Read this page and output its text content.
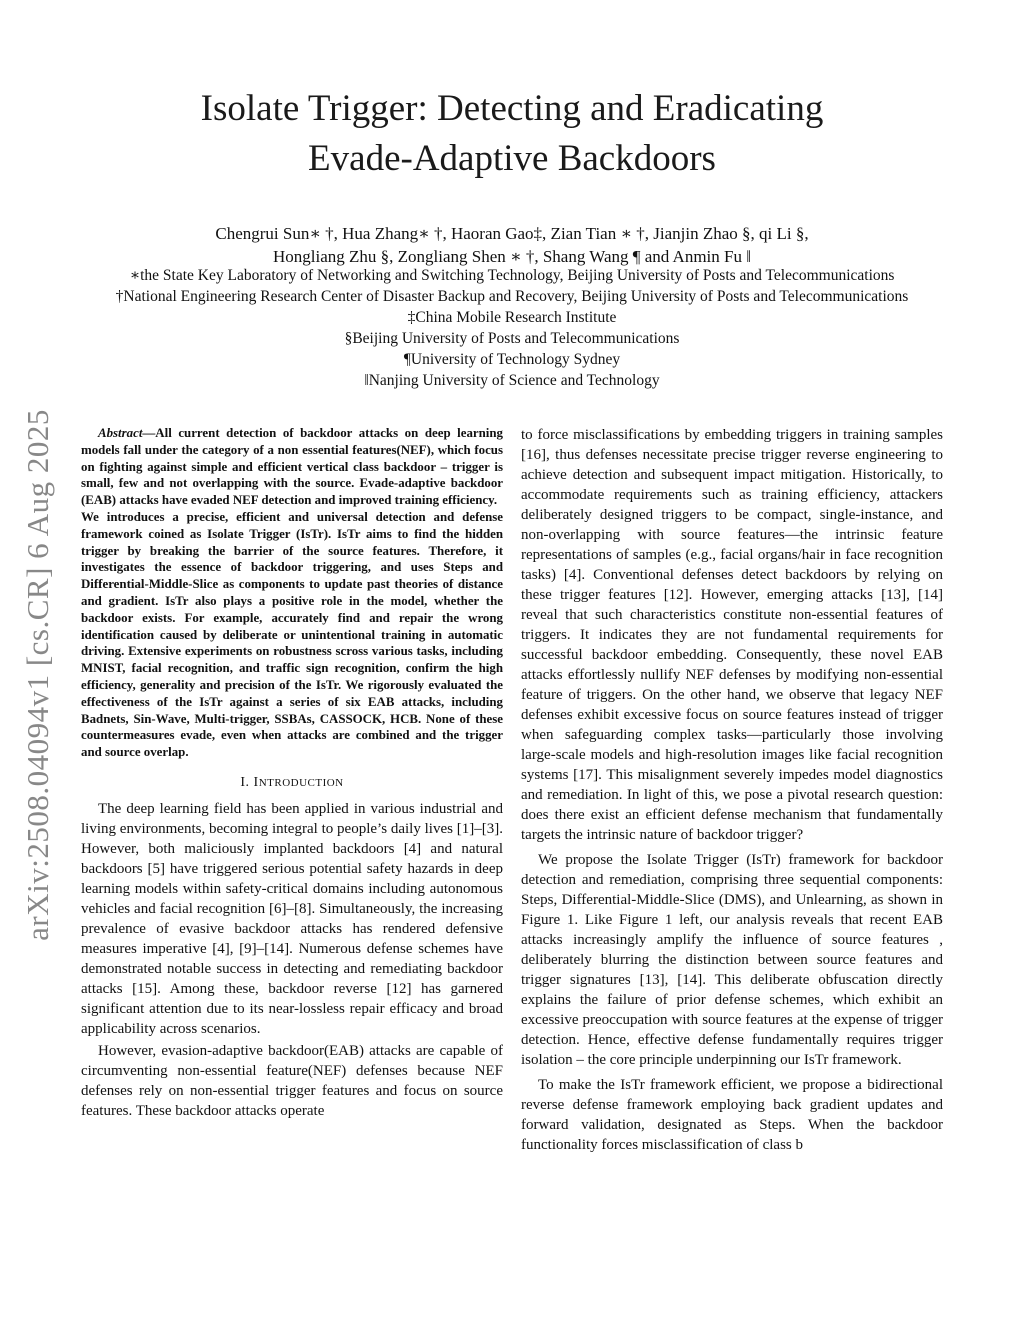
arXiv:2508.04094v1 [cs.CR] 6 Aug 2025
Isolate Trigger: Detecting and Eradicating
Evade-Adaptive Backdoors
Chengrui Sun∗ †, Hua Zhang∗ †, Haoran Gao‡, Zian Tian ∗ †, Jianjin Zhao §, qi Li §,
Hongliang Zhu §, Zongliang Shen ∗ †, Shang Wang ¶ and Anmin Fu ‖
∗the State Key Laboratory of Networking and Switching Technology, Beijing University of Posts and Telecommunications
†National Engineering Research Center of Disaster Backup and Recovery, Beijing University of Posts and Telecommunications
‡China Mobile Research Institute
§Beijing University of Posts and Telecommunications
¶University of Technology Sydney
‖Nanjing University of Science and Technology

Abstract—All current detection of backdoor attacks on deep learning models fall under the category of a non essential features(NEF), which focus on fighting against simple and efficient vertical class backdoor – trigger is small, few and not overlapping with the source. Evade-adaptive backdoor (EAB) attacks have evaded NEF detection and improved training efficiency.

We introduces a precise, efficient and universal detection and defense framework coined as Isolate Trigger (IsTr). IsTr aims to find the hidden trigger by breaking the barrier of the source features. Therefore, it investigates the essence of backdoor triggering, and uses Steps and Differential-Middle-Slice as components to update past theories of distance and gradient. IsTr also plays a positive role in the model, whether the backdoor exists. For example, accurately find and repair the wrong identification caused by deliberate or unintentional training in automatic driving. Extensive experiments on robustness scross various tasks, including MNIST, facial recognition, and traffic sign recognition, confirm the high efficiency, generality and precision of the IsTr. We rigorously evaluated the effectiveness of the IsTr against a series of six EAB attacks, including Badnets, Sin-Wave, Multi-trigger, SSBAs, CASSOCK, HCB. None of these countermeasures evade, even when attacks are combined and the trigger and source overlap.

I. INTRODUCTION

The deep learning field has been applied in various industrial and living environments, becoming integral to people’s daily lives [1]–[3]. However, both maliciously implanted backdoors [4] and natural backdoors [5] have triggered serious potential safety hazards in deep learning models within safety-critical domains including autonomous vehicles and facial recognition [6]–[8]. Simultaneously, the increasing prevalence of evasive backdoor attacks has rendered defensive measures imperative [4], [9]–[14]. Numerous defense schemes have demonstrated notable success in detecting and remediating backdoor attacks [15]. Among these, backdoor reverse [12] has garnered significant attention due to its near-lossless repair efficacy and broad applicability across scenarios.

However, evasion-adaptive backdoor(EAB) attacks are capable of circumventing non-essential feature(NEF) defenses because NEF defenses rely on non-essential trigger features and focus on source features. These backdoor attacks operate

to force misclassifications by embedding triggers in training samples [16], thus defenses necessitate precise trigger reverse engineering to achieve detection and subsequent impact mitigation. Historically, to accommodate requirements such as training efficiency, attackers deliberately designed triggers to be compact, single-instance, and non-overlapping with source features—the intrinsic feature representations of samples (e.g., facial organs/hair in face recognition tasks) [4]. Conventional defenses detect backdoors by relying on these trigger features [12]. However, emerging attacks [13], [14] reveal that such characteristics constitute non-essential features of triggers. It indicates they are not fundamental requirements for successful backdoor embedding. Consequently, these novel EAB attacks effortlessly nullify NEF defenses by modifying non-essential feature of triggers. On the other hand, we observe that legacy NEF defenses exhibit excessive focus on source features instead of trigger when safeguarding complex tasks—particularly those involving large-scale models and high-resolution images like facial recognition systems [17]. This misalignment severely impedes model diagnostics and remediation. In light of this, we pose a pivotal research question: does there exist an efficient defense mechanism that fundamentally targets the intrinsic nature of backdoor trigger?

We propose the Isolate Trigger (IsTr) framework for backdoor detection and remediation, comprising three sequential components: Steps, Differential-Middle-Slice (DMS), and Unlearning, as shown in Figure 1. Like Figure 1 left, our analysis reveals that recent EAB attacks increasingly amplify the influence of source features , deliberately blurring the distinction between source features and trigger signatures [13], [14]. This deliberate obfuscation directly explains the failure of prior defense schemes, which exhibit an excessive preoccupation with source features at the expense of trigger detection. Hence, effective defense fundamentally requires trigger isolation – the core principle underpinning our IsTr framework.

To make the IsTr framework efficient, we propose a bidirectional reverse defense framework employing back gradient updates and forward validation, designated as Steps. When the backdoor functionality forces misclassification of class b
